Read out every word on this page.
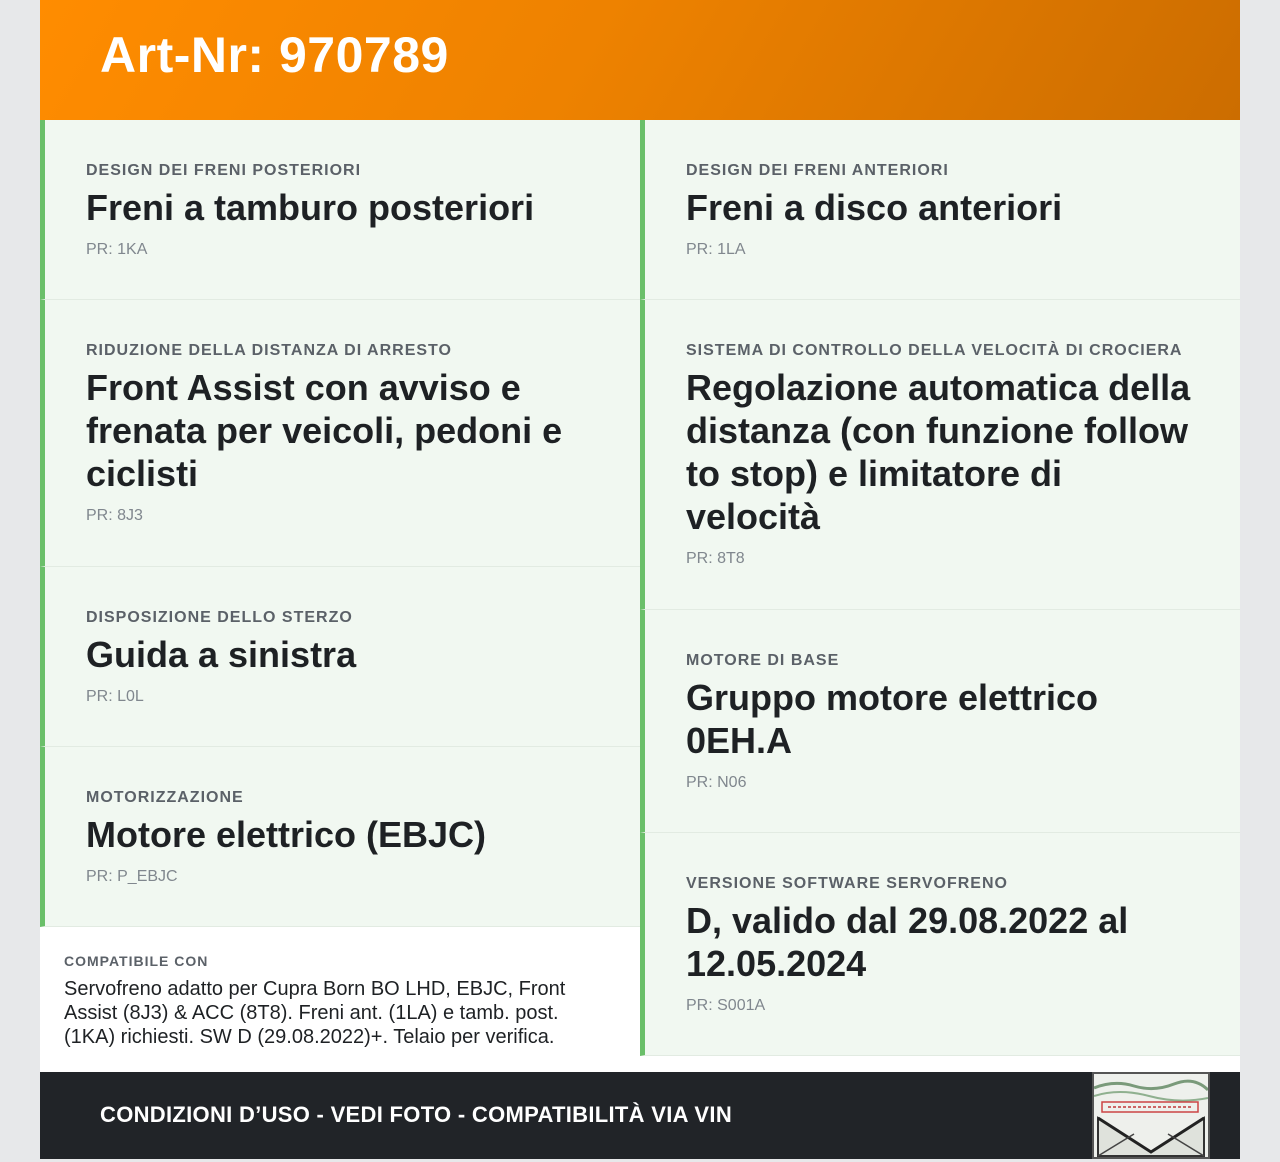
Art-Nr: 970789

DESIGN DEI FRENI POSTERIORI

Freni a tamburo posteriori

PR: 1KA

RIDUZIONE DELLA DISTANZA DI ARRESTO

Front Assist con avviso e frenata per veicoli, pedoni e ciclisti

PR: 8J3

DISPOSIZIONE DELLO STERZO

Guida a sinistra

PR: L0L

MOTORIZZAZIONE

Motore elettrico (EBJC)

PR: P_EBJC

DESIGN DEI FRENI ANTERIORI

Freni a disco anteriori

PR: 1LA

SISTEMA DI CONTROLLO DELLA VELOCITÀ DI CROCIERA

Regolazione automatica della distanza (con funzione follow to stop) e limitatore di velocità

PR: 8T8

MOTORE DI BASE

Gruppo motore elettrico 0EH.A

PR: N06

VERSIONE SOFTWARE SERVOFRENO

D, valido dal 29.08.2022 al 12.05.2024

PR: S001A

COMPATIBILE CON

Servofreno adatto per Cupra Born BO LHD, EBJC, Front Assist (8J3) & ACC (8T8). Freni ant. (1LA) e tamb. post. (1KA) richiesti. SW D (29.08.2022)+. Telaio per verifica.

CONDIZIONI D’USO - VEDI FOTO - COMPATIBILITÀ VIA VIN
